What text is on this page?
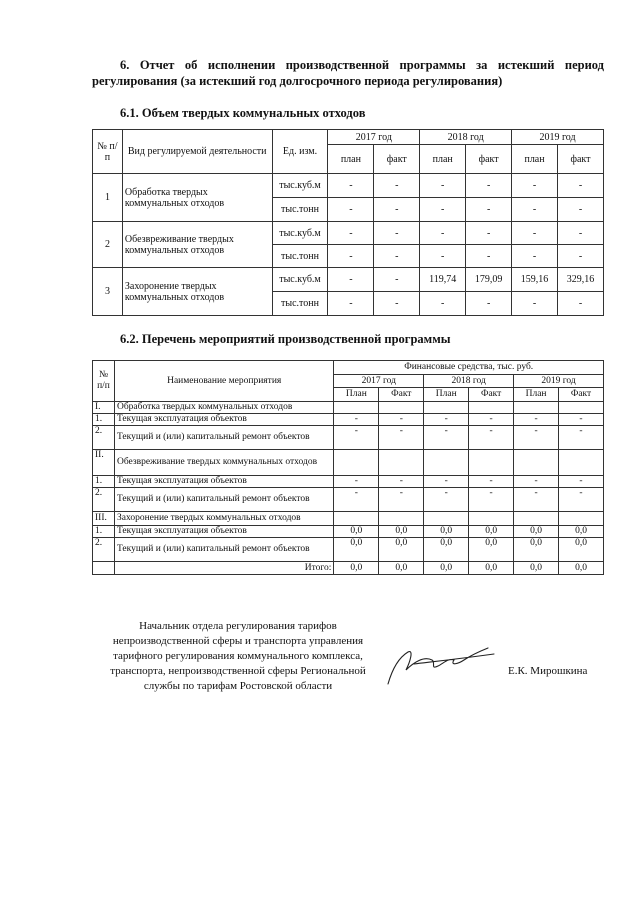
6. Отчет об исполнении производственной программы за истекший период регулирования (за истекший год долгосрочного периода регулирования)
6.1. Объем твердых коммунальных отходов
№ п/п	Вид регулируемой деятельности	Ед. изм.	2017 год		2018 год		2019 год	
			план	факт	план	факт	план	факт
1	Обработка твердых коммунальных отходов	тыс.куб.м	-	-	-	-	-	-
		тыс.тонн	-	-	-	-	-	-
2	Обезвреживание твердых коммунальных отходов	тыс.куб.м	-	-	-	-	-	-
		тыс.тонн	-	-	-	-	-	-
3	Захоронение твердых коммунальных отходов	тыс.куб.м	-	-	119,74	179,09	159,16	329,16
		тыс.тонн	-	-	-	-	-	-
6.2. Перечень мероприятий производственной программы
№ п/п	Наименование мероприятия	Финансовые средства, тыс. руб.					
		2017 год		2018 год		2019 год	
		План	Факт	План	Факт	План	Факт
I.	Обработка твердых коммунальных отходов						
1.	Текущая эксплуатация объектов	-	-	-	-	-	-
2.	Текущий и (или) капитальный ремонт объектов	-	-	-	-	-	-
II.	Обезвреживание твердых коммунальных отходов						
1.	Текущая эксплуатация объектов	-	-	-	-	-	-
2.	Текущий и (или) капитальный ремонт объектов	-	-	-	-	-	-
III.	Захоронение твердых коммунальных отходов						
1.	Текущая эксплуатация объектов	0,0	0,0	0,0	0,0	0,0	0,0
2.	Текущий и (или) капитальный ремонт объектов	0,0	0,0	0,0	0,0	0,0	0,0
	Итого:	0,0	0,0	0,0	0,0	0,0	0,0
Начальник отдела регулирования тарифов непроизводственной сферы и транспорта управления тарифного регулирования коммунального комплекса, транспорта, непроизводственной сферы Региональной службы по тарифам Ростовской области
Е.К. Мирошкина
